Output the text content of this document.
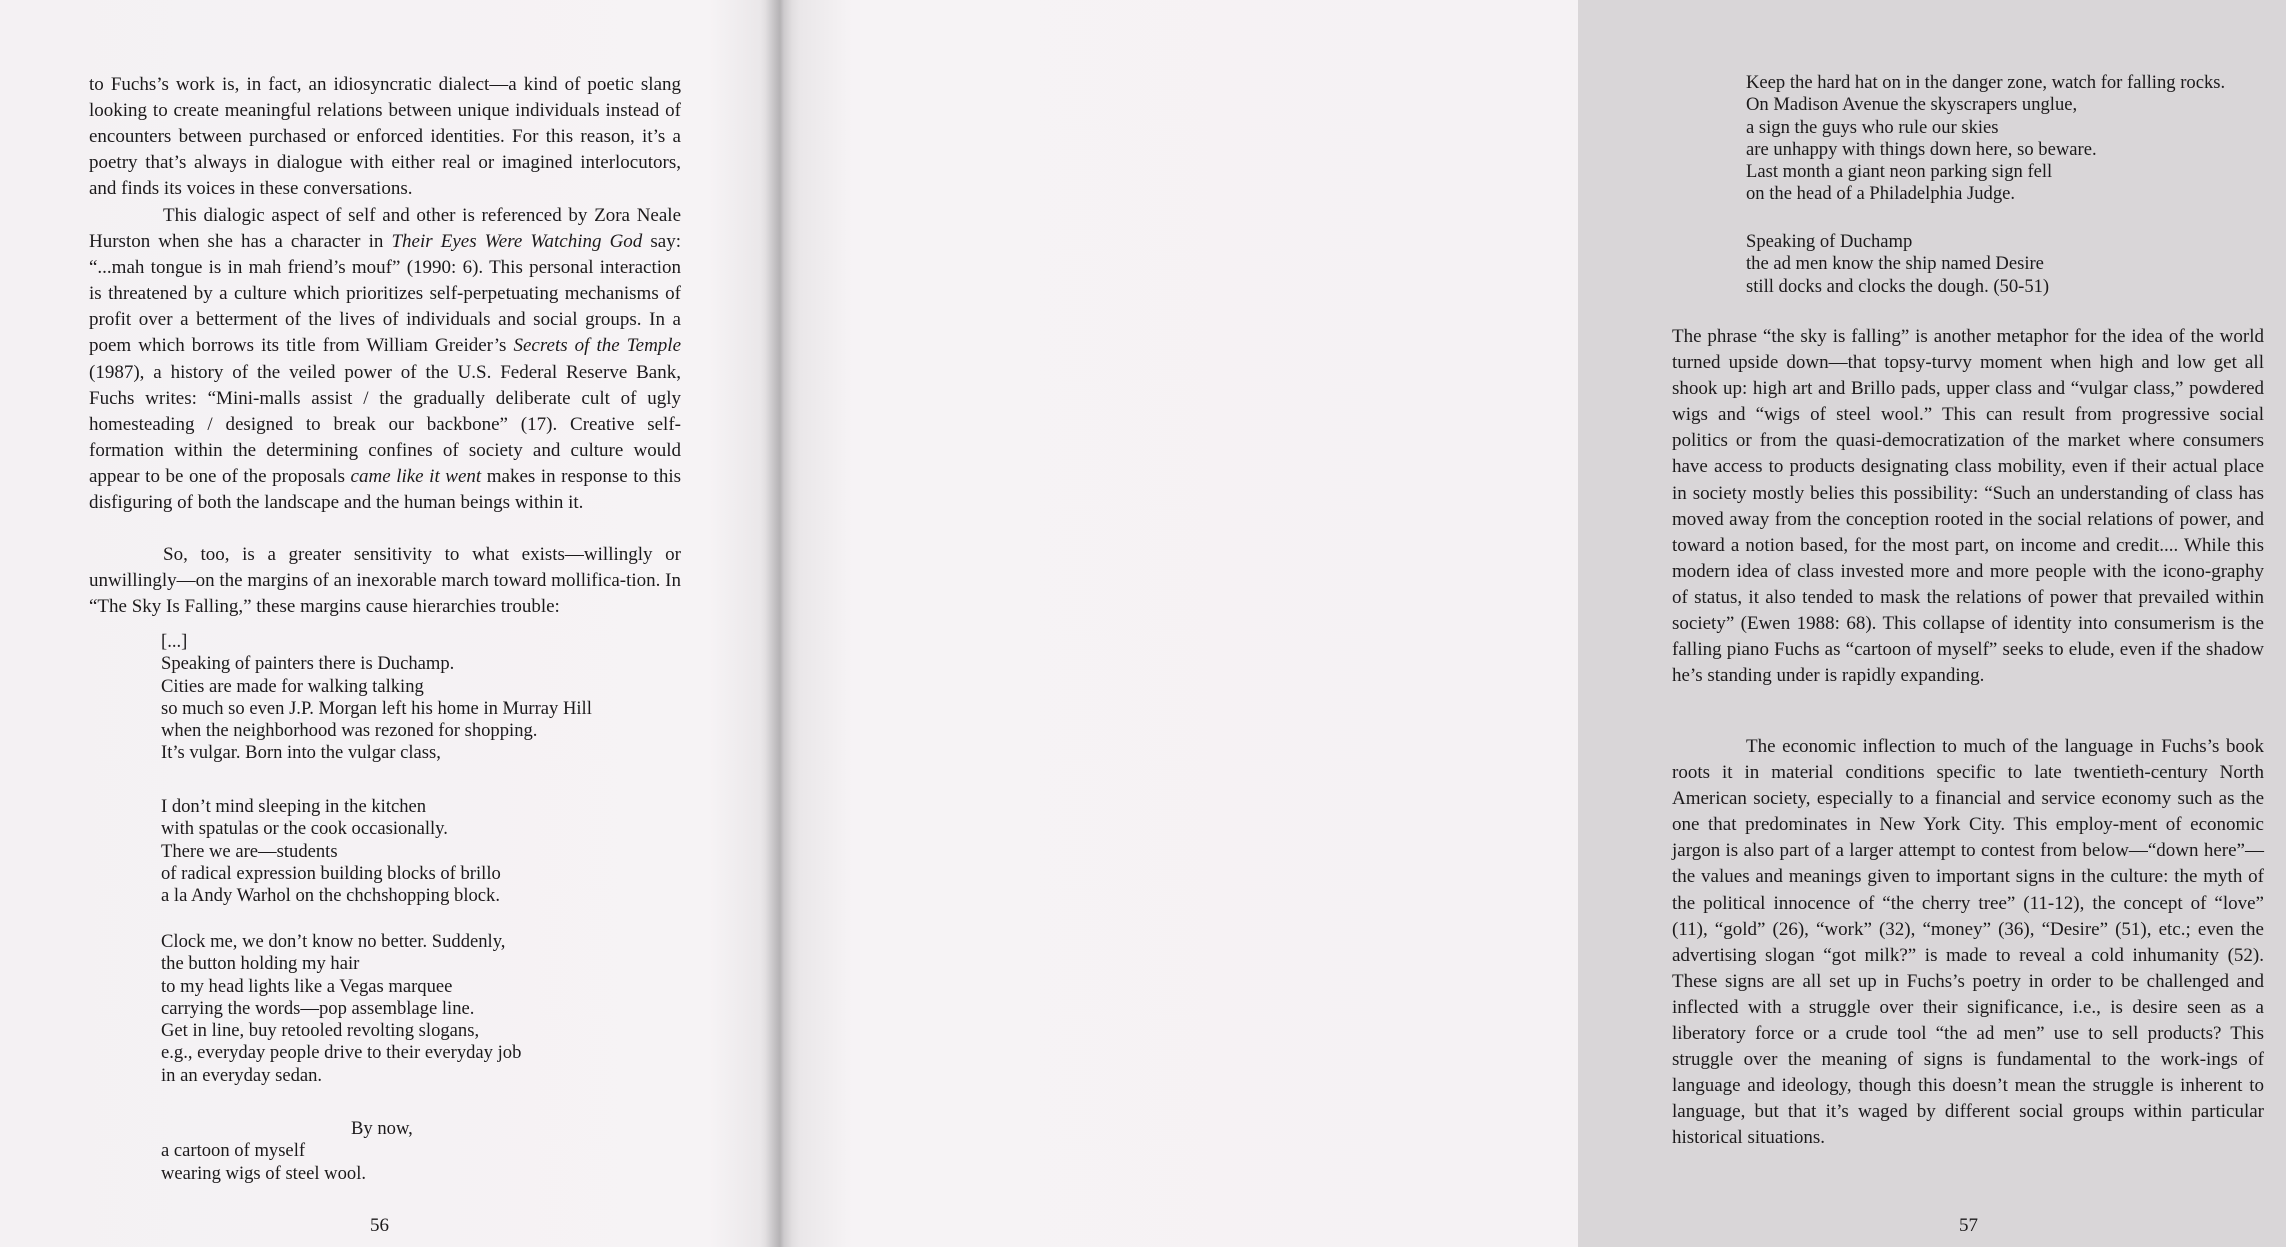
to Fuchs’s work is, in fact, an idiosyncratic dialect—a kind of poetic slang looking to create meaningful relations between unique individuals instead of encounters between purchased or enforced identities. For this reason, it’s a poetry that’s always in dialogue with either real or imagined interlocutors, and finds its voices in these conversations.

This dialogic aspect of self and other is referenced by Zora Neale Hurston when she has a character in Their Eyes Were Watching God say: “...mah tongue is in mah friend’s mouf” (1990: 6). This personal interaction is threatened by a culture which prioritizes self-perpetuating mechanisms of profit over a betterment of the lives of individuals and social groups. In a poem which borrows its title from William Greider’s Secrets of the Temple (1987), a history of the veiled power of the U.S. Federal Reserve Bank, Fuchs writes: “Mini-malls assist / the gradually deliberate cult of ugly homesteading / designed to break our backbone” (17). Creative self-formation within the determining confines of society and culture would appear to be one of the proposals came like it went makes in response to this disfiguring of both the landscape and the human beings within it.

So, too, is a greater sensitivity to what exists—willingly or unwillingly—on the margins of an inexorable march toward mollifica-tion. In “The Sky Is Falling,” these margins cause hierarchies trouble:

[...]
Speaking of painters there is Duchamp.
Cities are made for walking talking
so much so even J.P. Morgan left his home in Murray Hill
when the neighborhood was rezoned for shopping.
It’s vulgar. Born into the vulgar class,
I don’t mind sleeping in the kitchen
with spatulas or the cook occasionally.
There we are—students
of radical expression building blocks of brillo
a la Andy Warhol on the chchshopping block.
Clock me, we don’t know no better. Suddenly,
the button holding my hair
to my head lights like a Vegas marquee
carrying the words—pop assemblage line.
Get in line, buy retooled revolting slogans,
e.g., everyday people drive to their everyday job
in an everyday sedan.
By now,
a cartoon of myself
wearing wigs of steel wool.
56
Keep the hard hat on in the danger zone, watch for falling rocks.
On Madison Avenue the skyscrapers unglue,
a sign the guys who rule our skies
are unhappy with things down here, so beware.
Last month a giant neon parking sign fell
on the head of a Philadelphia Judge.
Speaking of Duchamp
the ad men know the ship named Desire
still docks and clocks the dough. (50-51)

The phrase “the sky is falling” is another metaphor for the idea of the world turned upside down—that topsy-turvy moment when high and low get all shook up: high art and Brillo pads, upper class and “vulgar class,” powdered wigs and “wigs of steel wool.” This can result from progressive social politics or from the quasi-democratization of the market where consumers have access to products designating class mobility, even if their actual place in society mostly belies this possibility: “Such an understanding of class has moved away from the conception rooted in the social relations of power, and toward a notion based, for the most part, on income and credit.... While this modern idea of class invested more and more people with the icono-graphy of status, it also tended to mask the relations of power that prevailed within society” (Ewen 1988: 68). This collapse of identity into consumerism is the falling piano Fuchs as “cartoon of myself” seeks to elude, even if the shadow he’s standing under is rapidly expanding.

The economic inflection to much of the language in Fuchs’s book roots it in material conditions specific to late twentieth-century North American society, especially to a financial and service economy such as the one that predominates in New York City. This employ-ment of economic jargon is also part of a larger attempt to contest from below—“down here”—the values and meanings given to important signs in the culture: the myth of the political innocence of “the cherry tree” (11-12), the concept of “love” (11), “gold” (26), “work” (32), “money” (36), “Desire” (51), etc.; even the advertising slogan “got milk?” is made to reveal a cold inhumanity (52). These signs are all set up in Fuchs’s poetry in order to be challenged and inflected with a struggle over their significance, i.e., is desire seen as a liberatory force or a crude tool “the ad men” use to sell products? This struggle over the meaning of signs is fundamental to the work-ings of language and ideology, though this doesn’t mean the struggle is inherent to language, but that it’s waged by different social groups within particular historical situations.

57
